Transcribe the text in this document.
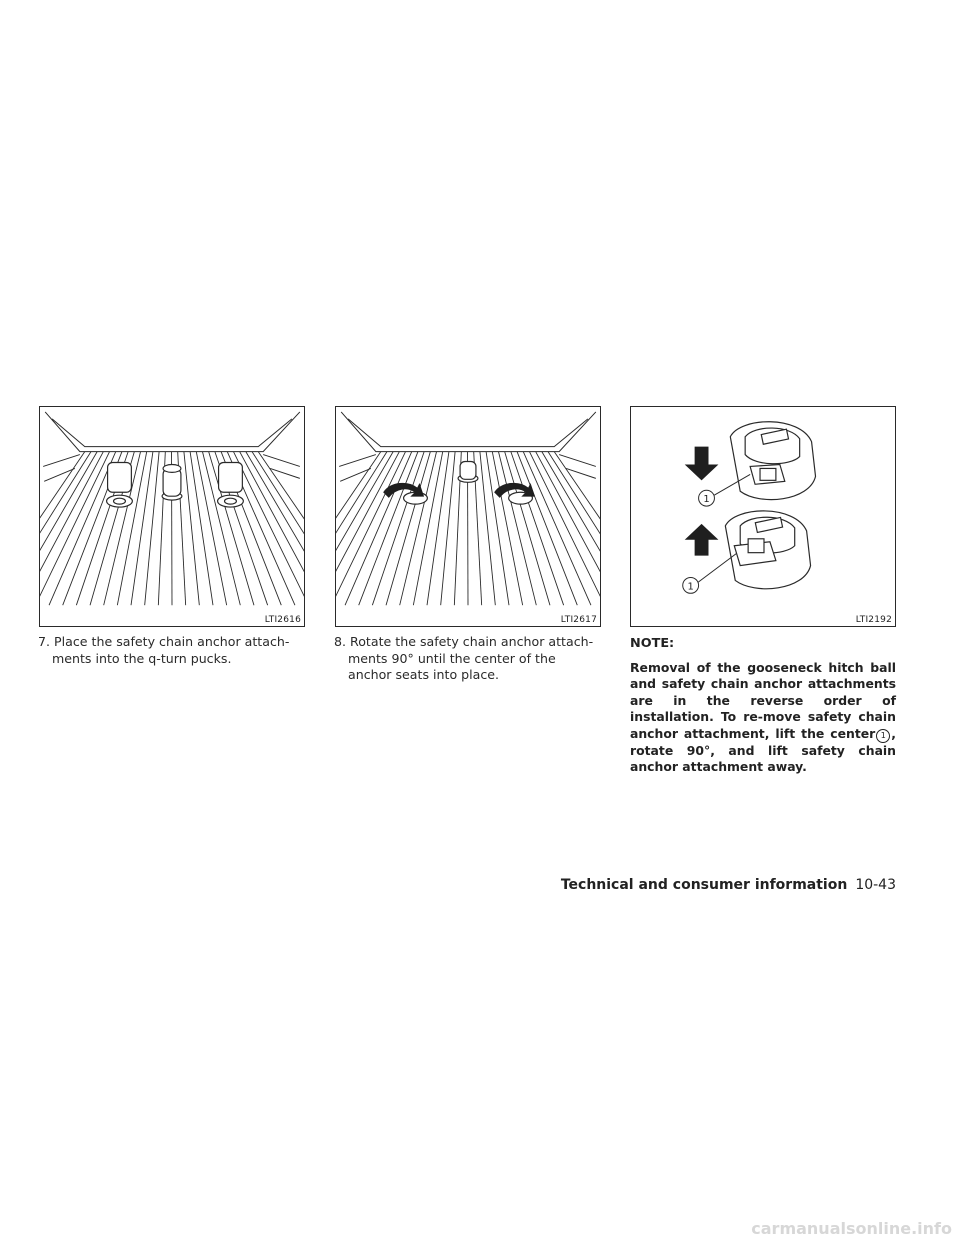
LTI2616	LTI2617
1
1
LTI2192

7. Place the safety chain anchor attach-ments into the q-turn pucks.

8. Rotate the safety chain anchor attach-ments 90° until the center of the anchor seats into place.

NOTE:
Removal of the gooseneck hitch ball and safety chain anchor attachments are in the reverse order of installation. To re-move safety chain anchor attachment, lift the center 1 , rotate 90°, and lift safety chain anchor attachment away.
Technical and consumer information 10-43
carmanualsonline.info
